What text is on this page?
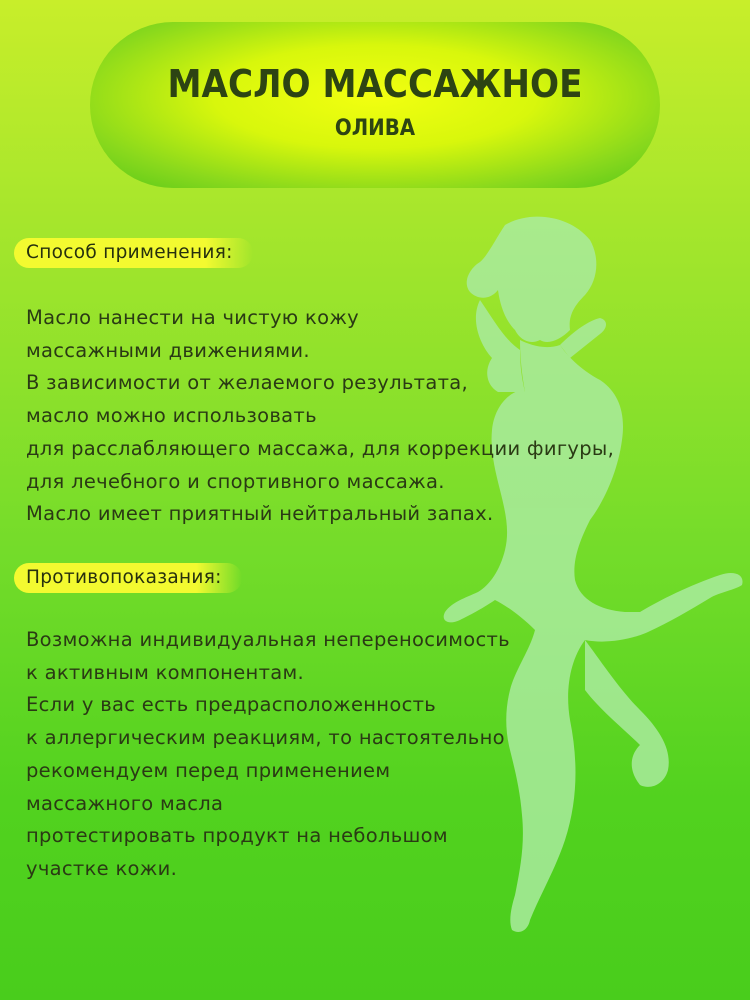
МАСЛО МАССАЖНОЕ
ОЛИВА
Способ применения:
Масло нанести на чистую кожу
массажными движениями.
В зависимости от желаемого результата,
масло можно использовать
для расслабляющего массажа, для коррекции фигуры,
для лечебного и спортивного массажа.
Масло имеет приятный нейтральный запах.
Противопоказания:
Возможна индивидуальная непереносимость
к активным компонентам.
Если у вас есть предрасположенность
к аллергическим реакциям, то настоятельно
рекомендуем перед применением
массажного масла
протестировать продукт на небольшом
участке кожи.
